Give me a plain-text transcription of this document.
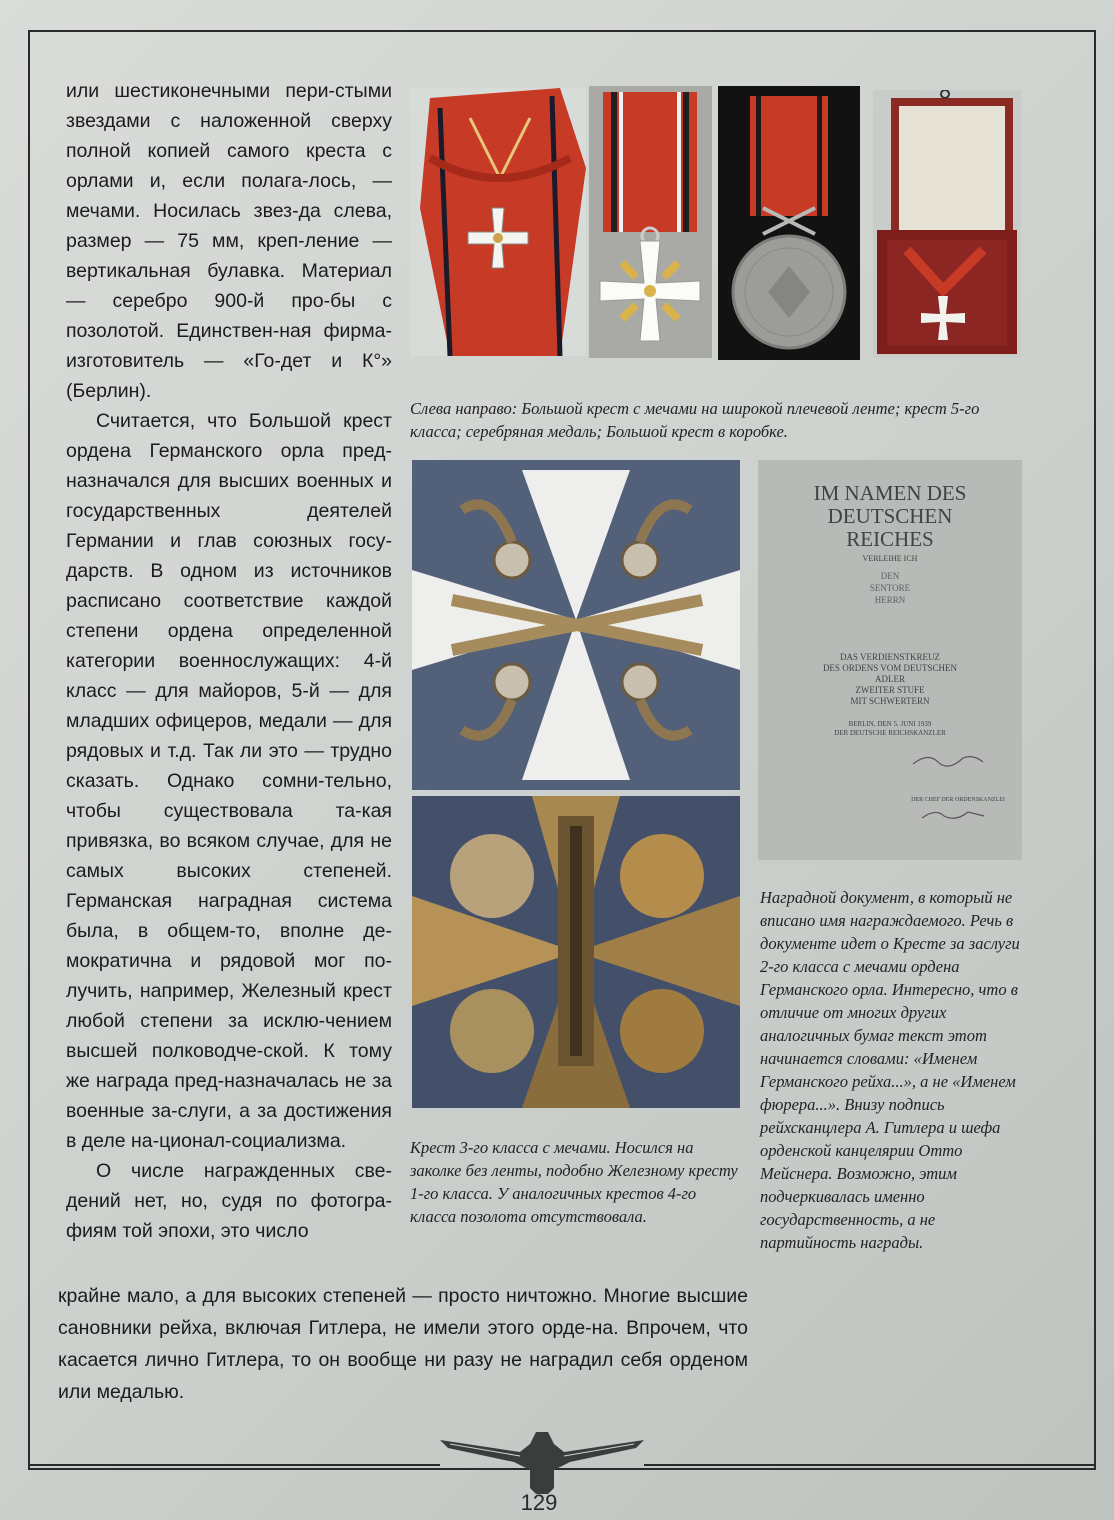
или шестиконечными пери-стыми звездами с наложенной сверху полной копией самого креста с орлами и, если полага-лось, — мечами. Носилась звез-да слева, размер — 75 мм, креп-ление — вертикальная булавка. Материал — серебро 900-й про-бы с позолотой. Единствен-ная фирма-изготовитель — «Го-дет и К°» (Берлин).

Считается, что Большой крест ордена Германского орла пред-назначался для высших военных и государственных деятелей Германии и глав союзных госу-дарств. В одном из источников расписано соответствие каждой степени ордена определенной категории военнослужащих: 4-й класс — для майоров, 5-й — для младших офицеров, медали — для рядовых и т.д. Так ли это — трудно сказать. Однако сомни-тельно, чтобы существовала та-кая привязка, во всяком случае, для не самых высоких степеней. Германская наградная система была, в общем-то, вполне де-мократична и рядовой мог по-лучить, например, Железный крест любой степени за исклю-чением высшей полководче-ской. К тому же награда пред-назначалась не за военные за-слуги, а за достижения в деле на-ционал-социализма.

О числе награжденных све-дений нет, но, судя по фотогра-фиям той эпохи, это число

крайне мало, а для высоких степеней — просто ничтожно. Многие высшие сановники рейха, включая Гитлера, не имели этого орде-на. Впрочем, что касается лично Гитлера, то он вообще ни разу не наградил себя орденом или медалью.
Слева направо: Большой крест с мечами на широкой плечевой ленте; крест 5-го класса; серебряная медаль; Большой крест в коробке.
Крест 3-го класса с мечами. Носился на заколке без ленты, подобно Железному кресту 1-го класса. У аналогичных крестов 4-го класса позолота отсутствовала.
IM NAMEN DES
DEUTSCHEN
REICHES
VERLEIHE ICH
DEN
SENTORE
HERRN
DAS VERDIENSTKREUZ
DES ORDENS VOM DEUTSCHEN
ADLER
ZWEITER STUFE
MIT SCHWERTERN
BERLIN, DEN 5. JUNI 1939
DER DEUTSCHE REICHSKANZLER
DER CHEF DER ORDENSKANZLEI
Наградной документ, в который не вписано имя награждаемого. Речь в документе идет о Кресте за заслуги 2-го класса с мечами ордена Германского орла. Интересно, что в отличие от многих других аналогичных бумаг текст этот начинается словами: «Именем Германского рейха...», а не «Именем фюрера...». Внизу подпись рейхсканцлера А. Гитлера и шефа орденской канцелярии Отто Мейснера. Возможно, этим подчеркивалась именно государственность, а не партийность награды.
129
